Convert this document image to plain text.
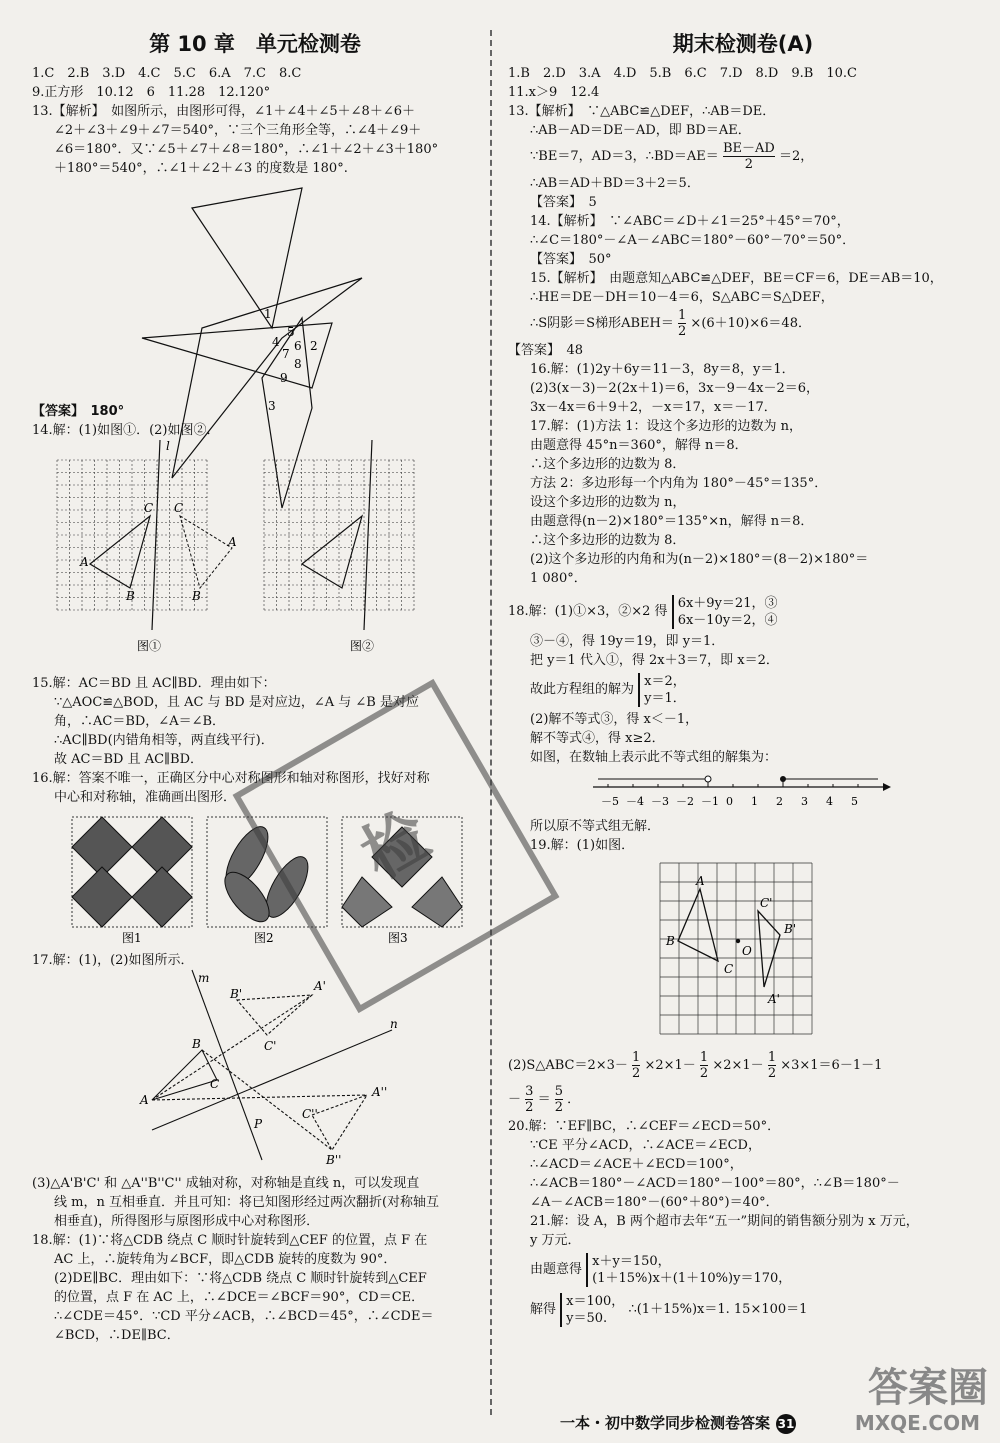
第 10 章　单元检测卷
1.C　2.B　3.D　4.C　5.C　6.A　7.C　8.C
9.正方形　10.12　6　11.28　12.120°
13.【解析】　如图所示，由图形可得，∠1＋∠4＋∠5＋∠8＋∠6＋
∠2＋∠3＋∠9＋∠7＝540°，∵三个三角形全等，∴∠4＋∠9＋
∠6＝180°．又∵∠5＋∠7＋∠8＝180°，∴∠1＋∠2＋∠3＋180°
＋180°＝540°，∴∠1＋∠2＋∠3 的度数是 180°.
1
4
5
6 2
7
8
9
3
【答案】　180°
14.解：(1)如图①．(2)如图②．
l
C
A
B
C
A
B
图①	图②
15.解：AC＝BD 且 AC∥BD．理由如下：
∵△AOC≌△BOD，且 AC 与 BD 是对应边，∠A 与 ∠B 是对应
角，∴AC＝BD，∠A＝∠B．
∴AC∥BD(内错角相等，两直线平行)．
故 AC＝BD 且 AC∥BD．
16.解：答案不唯一，正确区分中心对称图形和轴对称图形，找好对称
中心和对称轴，准确画出图形．
图1	图2	图3
17.解：(1)，(2)如图所示．
m
B'
A'
B	C'
C
A
P
C''
A''
B''
n
(3)△A'B'C' 和 △A''B''C'' 成轴对称，对称轴是直线 n，可以发现直
线 m，n 互相垂直．并且可知：将已知图形经过两次翻折(对称轴互
相垂直)，所得图形与原图形成中心对称图形．
18.解：(1)∵将△CDB 绕点 C 顺时针旋转到△CEF 的位置，点 F 在
AC 上，∴旋转角为∠BCF，即△CDB 旋转的度数为 90°．
(2)DE∥BC．理由如下：∵将△CDB 绕点 C 顺时针旋转到△CEF
的位置，点 F 在 AC 上，∴∠DCE＝∠BCF＝90°，CD＝CE．
∴∠CDE＝45°．∵CD 平分∠ACB，∴∠BCD＝45°，∴∠CDE＝
∠BCD，∴DE∥BC．
期末检测卷(A)
1.B　2.D　3.A　4.D　5.B　6.C　7.D　8.D　9.B　10.C
11.x＞9　12.4
13.【解析】　∵△ABC≌△DEF，∴AB＝DE．
∴AB－AD＝DE－AD，即 BD＝AE．
∵BE＝7，AD＝3，∴BD＝AE＝ $\frac{BE-AD}{2} =2$，
∴AB＝AD＋BD＝3＋2＝5．
【答案】　5
14.【解析】　∵∠ABC＝∠D＋∠1＝25°＋45°＝70°，
∴∠C＝180°－∠A－∠ABC＝180°－60°－70°＝50°．
【答案】　50°
15.【解析】　由题意知△ABC≌△DEF，BE＝CF＝6，DE＝AB＝10，
∴HE＝DE－DH＝10－4＝6，S△ABC＝S△DEF，
∴S阴影＝S梯形ABEH＝ $\frac{1}{2} \times(6+10)\times 6=48$．
【答案】　48
16.解：(1)2y＋6y＝11－3，8y＝8，y＝1．
(2)3(x－3)－2(2x＋1)＝6，3x－9－4x－2＝6，
3x－4x＝6＋9＋2，－x＝17，x＝－17．
17.解：(1)方法 1：设这个多边形的边数为 n，
由题意得 45°n＝360°，解得 n＝8．
∴这个多边形的边数为 8．
方法 2：多边形每一个内角为 180°－45°＝135°．
设这个多边形的边数为 n，
由题意得(n－2)×180°＝135°×n，解得 n＝8．
∴这个多边形的边数为 8．
(2)这个多边形的内角和为(n－2)×180°＝(8－2)×180°＝
1 080°．
18.解：(1)①×3，②×2 得
6x＋9y＝21，③
6x－10y＝2，④
③－④，得 19y＝19，即 y＝1．
把 y＝1 代入①，得 2x＋3＝7，即 x＝2．
故此方程组的解为
x＝2，
y＝1．
(2)解不等式③，得 x＜－1，
解不等式④，得 x≥2．
如图，在数轴上表示此不等式组的解集为：
－5 －4 －3 －2 －1 0 1 2 3 4 5
所以原不等式组无解．
19.解：(1)如图．
A
C'
B'
B
O
C
A'
(2)S△ABC＝2×3－ $\frac{1}{2} \times 2\times 1- \frac{1}{2} \times 2\times 1- \frac{1}{2} \times 3\times 1=6-1-1$
－ $\frac{3}{2} = \frac{5}{2}$ ．
20.解：∵EF∥BC，∴∠CEF＝∠ECD＝50°．
∵CE 平分∠ACD，∴∠ACE＝∠ECD，
∴∠ACD＝∠ACE＋∠ECD＝100°，
∴∠ACB＝180°－∠ACD＝180°－100°＝80°，∴∠B＝180°－
∠A－∠ACB＝180°－(60°＋80°)＝40°．
21.解：设 A，B 两个超市去年“五一”期间的销售额分别为 x 万元，
y 万元．
由题意得
x＋y＝150，
(1＋15%)x＋(1＋10%)y＝170，
解得
x＝100，
y＝50.
∴(1＋15%)x＝1. 15×100＝1
检
答案圈
MXQE.COM
一本・初中数学同步检测卷答案 31
